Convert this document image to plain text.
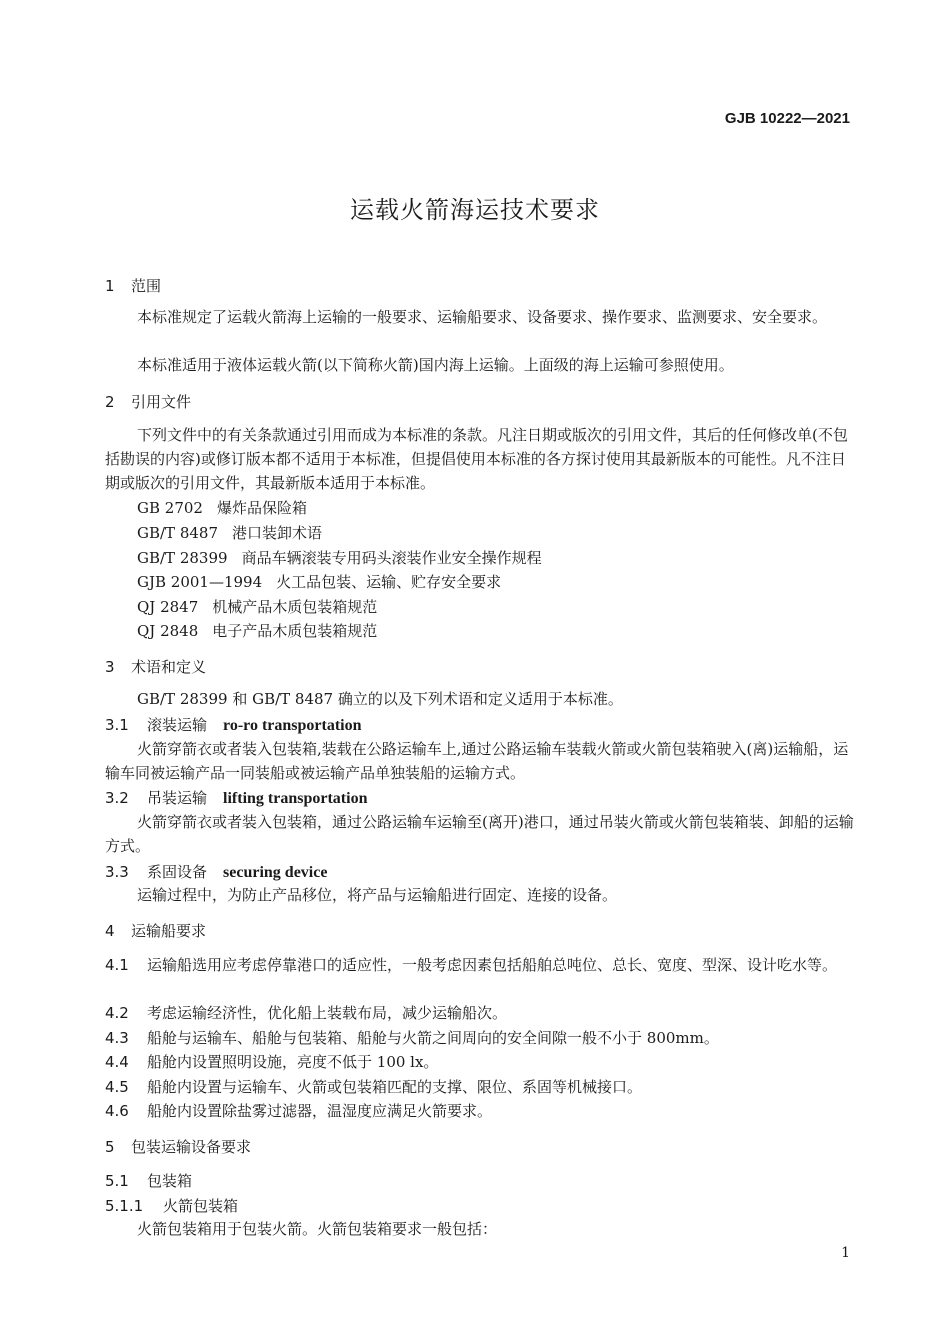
GJB 10222—2021
运载火箭海运技术要求
1 范围
本标准规定了运载火箭海上运输的一般要求、运输船要求、设备要求、操作要求、监测要求、安全要求。
本标准适用于液体运载火箭(以下简称火箭)国内海上运输。上面级的海上运输可参照使用。
2 引用文件
下列文件中的有关条款通过引用而成为本标准的条款。凡注日期或版次的引用文件，其后的任何修改单(不包括勘误的内容)或修订版本都不适用于本标准，但提倡使用本标准的各方探讨使用其最新版本的可能性。凡不注日期或版次的引用文件，其最新版本适用于本标准。
GB 2702 爆炸品保险箱
GB/T 8487 港口装卸术语
GB/T 28399 商品车辆滚装专用码头滚装作业安全操作规程
GJB 2001—1994 火工品包装、运输、贮存安全要求
QJ 2847 机械产品木质包装箱规范
QJ 2848 电子产品木质包装箱规范
3 术语和定义
GB/T 28399 和 GB/T 8487 确立的以及下列术语和定义适用于本标准。
3.1 滚装运输 ro-ro transportation
火箭穿箭衣或者装入包装箱,装载在公路运输车上,通过公路运输车装载火箭或火箭包装箱驶入(离)运输船，运输车同被运输产品一同装船或被运输产品单独装船的运输方式。
3.2 吊装运输 lifting transportation
火箭穿箭衣或者装入包装箱，通过公路运输车运输至(离开)港口，通过吊装火箭或火箭包装箱装、卸船的运输方式。
3.3 系固设备 securing device
运输过程中，为防止产品移位，将产品与运输船进行固定、连接的设备。
4 运输船要求
4.1 运输船选用应考虑停靠港口的适应性，一般考虑因素包括船舶总吨位、总长、宽度、型深、设计吃水等。
4.2 考虑运输经济性，优化船上装载布局，减少运输船次。
4.3 船舱与运输车、船舱与包装箱、船舱与火箭之间周向的安全间隙一般不小于 800mm。
4.4 船舱内设置照明设施，亮度不低于 100 lx。
4.5 船舱内设置与运输车、火箭或包装箱匹配的支撑、限位、系固等机械接口。
4.6 船舱内设置除盐雾过滤器，温湿度应满足火箭要求。
5 包装运输设备要求
5.1 包装箱
5.1.1 火箭包装箱
火箭包装箱用于包装火箭。火箭包装箱要求一般包括：
1
